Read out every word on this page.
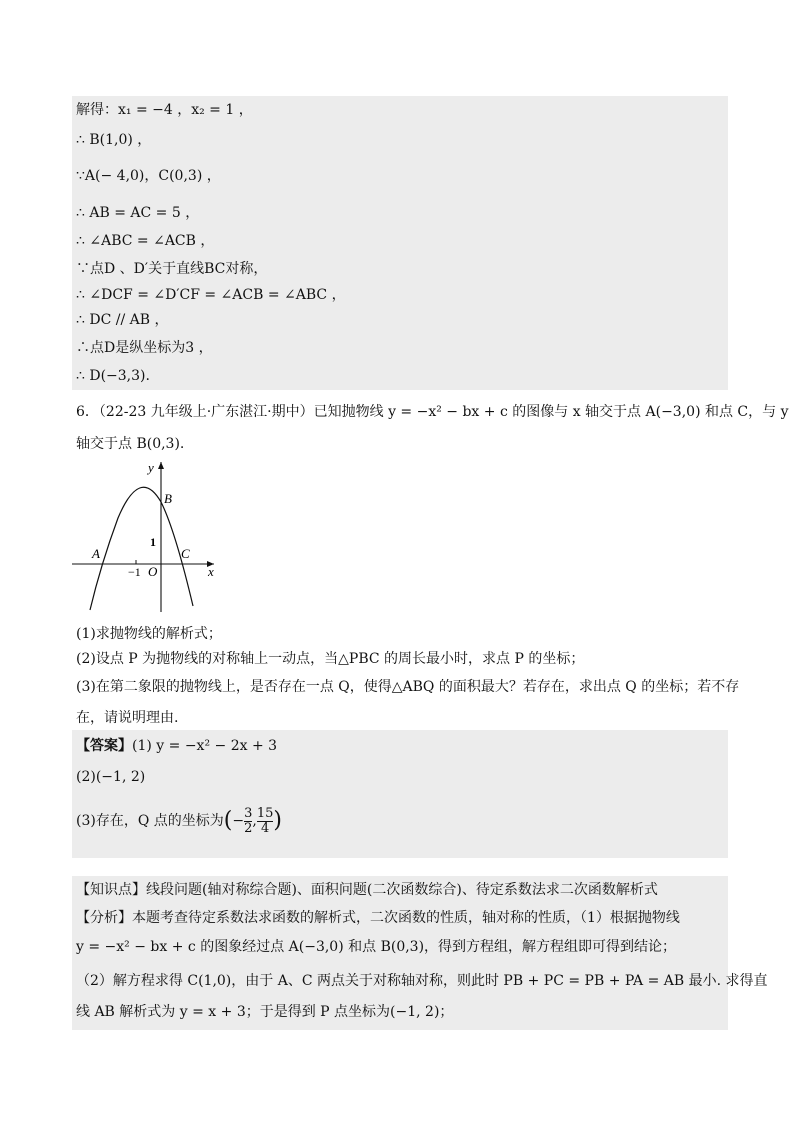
解得：x₁ = −4 ，x₂ = 1 ，
∴ B(1,0) ，
∵A(− 4,0)，C(0,3) ，
∴ AB = AC = 5 ，
∴ ∠ABC = ∠ACB ，
∵点D 、D′关于直线BC对称，
∴ ∠DCF = ∠D′CF = ∠ACB = ∠ABC ，
∴ DC // AB ，
∴点D是纵坐标为3 ，
∴ D(−3,3).
6．（22-23 九年级上·广东湛江·期中）已知抛物线 y = −x² − bx + c 的图像与 x 轴交于点 A(−3,0) 和点 C，与 y
轴交于点 B(0,3).
y
x
B
A	C
O
1
−1
(1)求抛物线的解析式；
(2)设点 P 为抛物线的对称轴上一动点，当△PBC 的周长最小时，求点 P 的坐标；
(3)在第二象限的抛物线上，是否存在一点 Q，使得△ABQ 的面积最大？若存在，求出点 Q 的坐标；若不存
在，请说明理由.
【答案】(1) y = −x² − 2x + 3
(2)(−1, 2)
(3)存在，Q 点的坐标为(− $\frac{3}{2}$ , $\frac{15}{4}$ )
【知识点】线段问题(轴对称综合题)、面积问题(二次函数综合)、待定系数法求二次函数解析式
【分析】本题考查待定系数法求函数的解析式，二次函数的性质，轴对称的性质，（1）根据抛物线
y = −x² − bx + c 的图象经过点 A(−3,0) 和点 B(0,3)，得到方程组，解方程组即可得到结论；
（2）解方程求得 C(1,0)，由于 A、C 两点关于对称轴对称，则此时 PB + PC = PB + PA = AB 最小. 求得直
线 AB 解析式为 y = x + 3；于是得到 P 点坐标为(−1, 2)；
